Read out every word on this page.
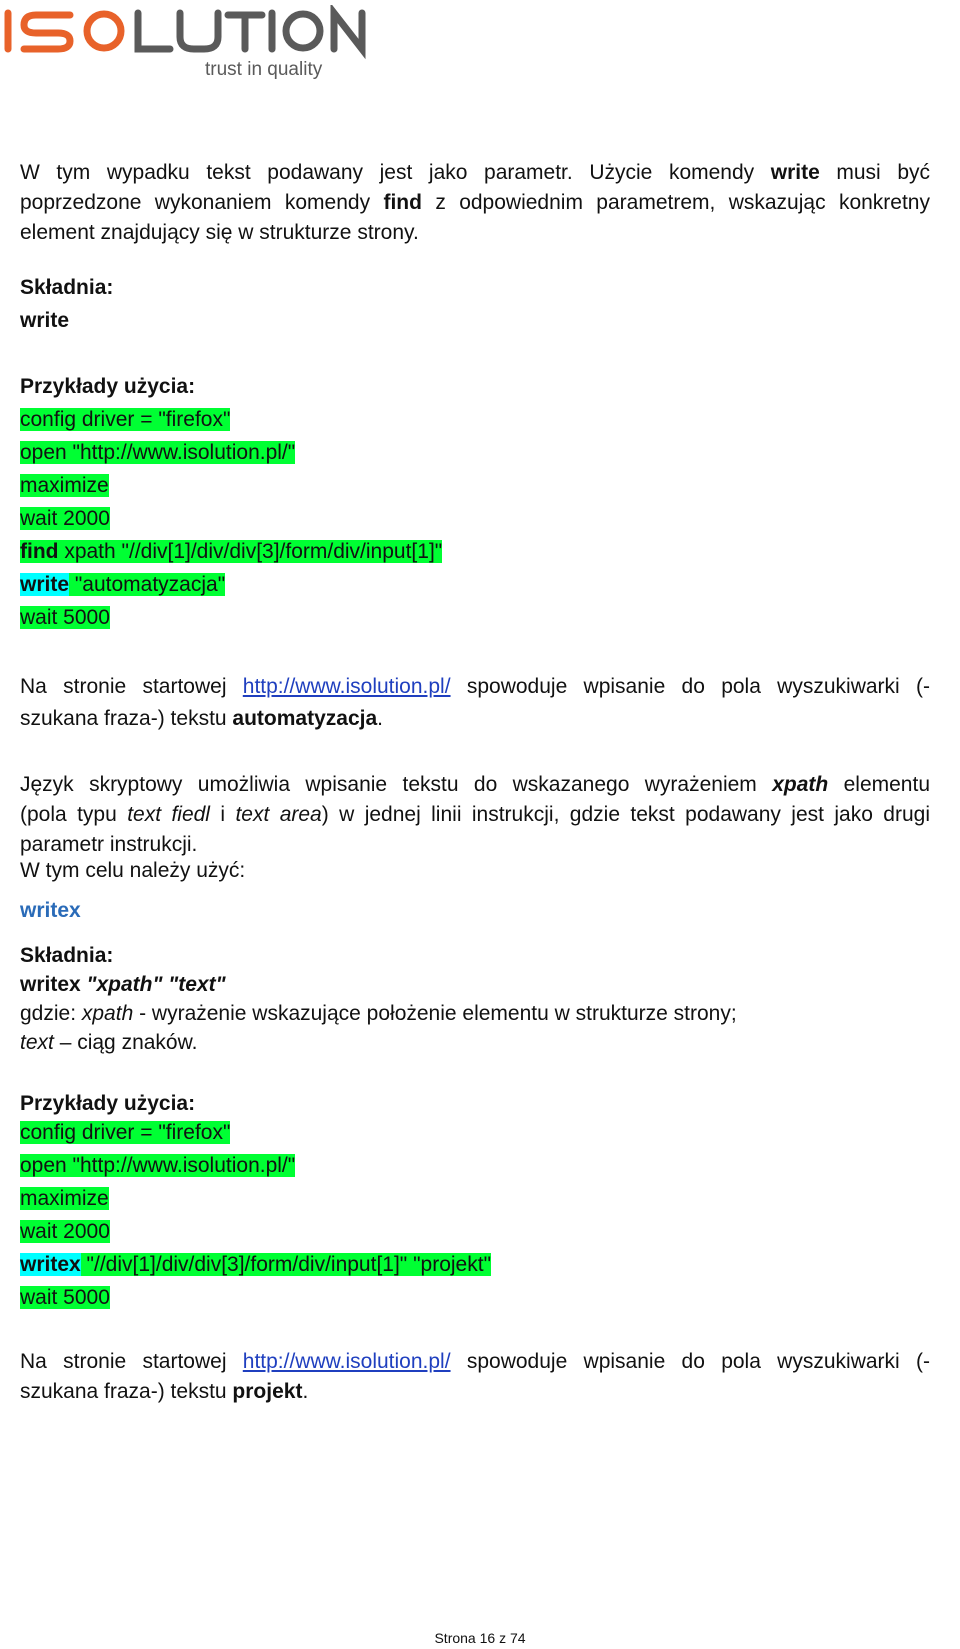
trust in quality
W tym wypadku tekst podawany jest jako parametr. Użycie komendy write musi być
poprzedzone wykonaniem komendy find z odpowiednim parametrem, wskazując konkretny
element znajdujący się w strukturze strony.
Składnia:
write
Przykłady użycia:
config driver = "firefox"
open "http://www.isolution.pl/"
maximize
wait 2000
find xpath "//div[1]/div/div[3]/form/div/input[1]"
write "automatyzacja"
wait 5000
Na stronie startowej http://www.isolution.pl/ spowoduje wpisanie do pola wyszukiwarki (-
szukana fraza-) tekstu automatyzacja.
Język skryptowy umożliwia wpisanie tekstu do wskazanego wyrażeniem xpath elementu
(pola typu text fiedl i text area) w jednej linii instrukcji, gdzie tekst podawany jest jako drugi
parametr instrukcji.
W tym celu należy użyć:
writex
Składnia:
writex "xpath" "text"
gdzie: xpath - wyrażenie wskazujące położenie elementu w strukturze strony;
text – ciąg znaków.
Przykłady użycia:
config driver = "firefox"
open "http://www.isolution.pl/"
maximize
wait 2000
writex "//div[1]/div/div[3]/form/div/input[1]" "projekt"
wait 5000
Na stronie startowej http://www.isolution.pl/ spowoduje wpisanie do pola wyszukiwarki (-
szukana fraza-) tekstu projekt.
Strona 16 z 74
